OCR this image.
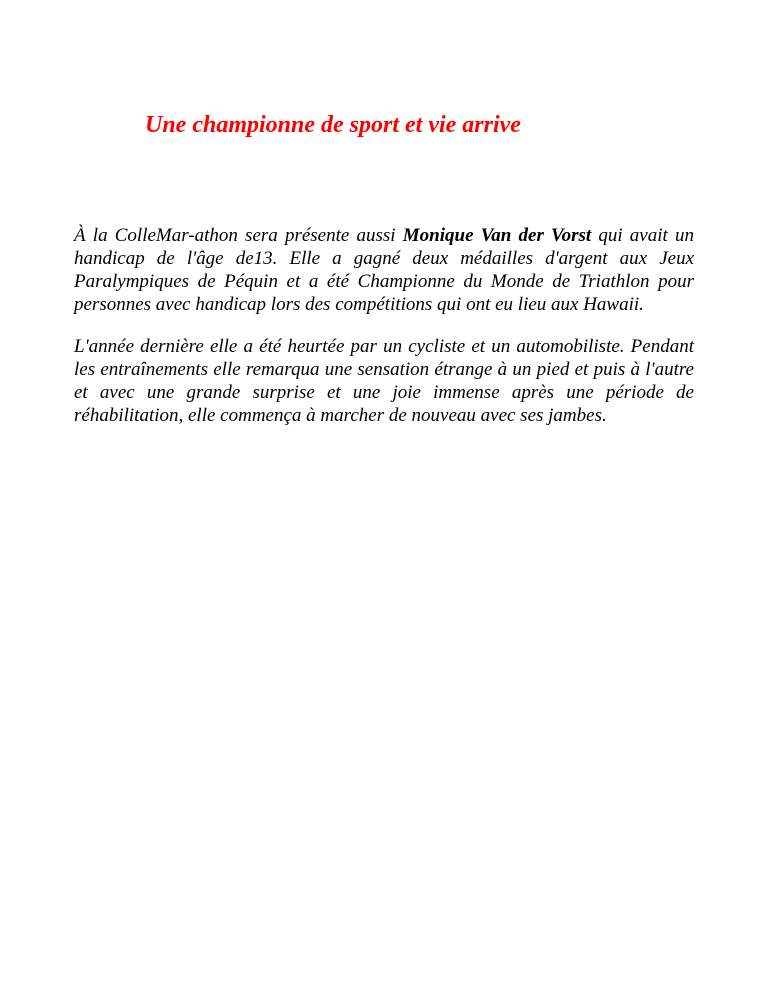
Une championne de sport et vie arrive

À la ColleMar-athon sera présente aussi Monique Van der Vorst qui avait un handicap de l'âge de13. Elle a gagné deux médailles d'argent aux Jeux Paralympiques de Péquin et a été Championne du Monde de Triathlon pour personnes avec handicap lors des compétitions qui ont eu lieu aux Hawaii.

L'année dernière elle a été heurtée par un cycliste et un automobiliste. Pendant les entraînements elle remarqua une sensation étrange à un pied et puis à l'autre et avec une grande surprise et une joie immense après une période de réhabilitation, elle commença à marcher de nouveau avec ses jambes.
